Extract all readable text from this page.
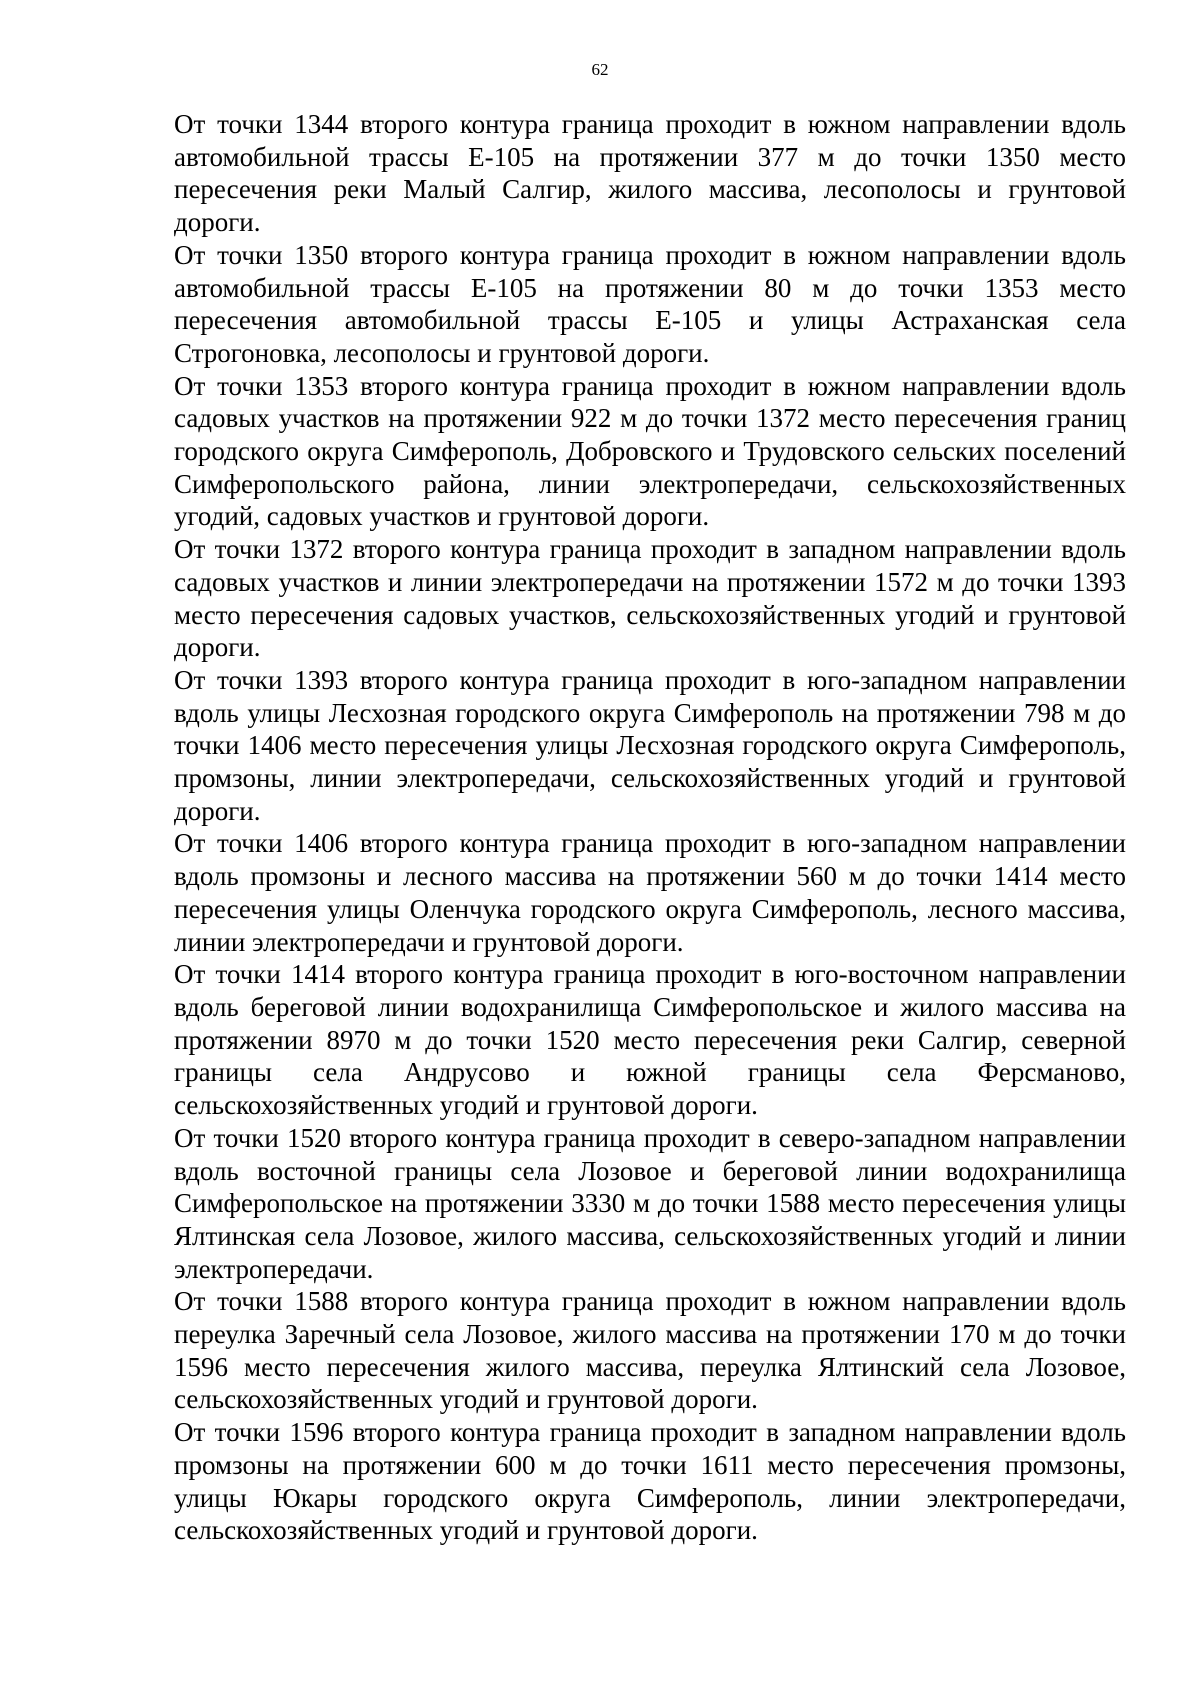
62

От точки 1344 второго контура граница проходит в южном направлении вдоль автомобильной трассы Е-105 на протяжении 377 м до точки 1350 место пересечения реки Малый Салгир, жилого массива, лесополосы и грунтовой дороги.

От точки 1350 второго контура граница проходит в южном направлении вдоль автомобильной трассы Е-105 на протяжении 80 м до точки 1353 место пересечения автомобильной трассы Е-105 и улицы Астраханская села Строгоновка, лесополосы и грунтовой дороги.

От точки 1353 второго контура граница проходит в южном направлении вдоль садовых участков на протяжении 922 м до точки 1372 место пересечения границ городского округа Симферополь, Добровского и Трудовского сельских поселений Симферопольского района, линии электропередачи, сельскохозяйственных угодий, садовых участков и грунтовой дороги.

От точки 1372 второго контура граница проходит в западном направлении вдоль садовых участков и линии электропередачи на протяжении 1572 м до точки 1393 место пересечения садовых участков, сельскохозяйственных угодий и грунтовой дороги.

От точки 1393 второго контура граница проходит в юго-западном направлении вдоль улицы Лесхозная городского округа Симферополь на протяжении 798 м до точки 1406 место пересечения улицы Лесхозная городского округа Симферополь, промзоны, линии электропередачи, сельскохозяйственных угодий и грунтовой дороги.

От точки 1406 второго контура граница проходит в юго-западном направлении вдоль промзоны и лесного массива на протяжении 560 м до точки 1414 место пересечения улицы Оленчука городского округа Симферополь, лесного массива, линии электропередачи и грунтовой дороги.

От точки 1414 второго контура граница проходит в юго-восточном направлении вдоль береговой линии водохранилища Симферопольское и жилого массива на протяжении 8970 м до точки 1520 место пересечения реки Салгир, северной границы села Андрусово и южной границы села Ферсманово, сельскохозяйственных угодий и грунтовой дороги.

От точки 1520 второго контура граница проходит в северо-западном направлении вдоль восточной границы села Лозовое и береговой линии водохранилища Симферопольское на протяжении 3330 м до точки 1588 место пересечения улицы Ялтинская села Лозовое, жилого массива, сельскохозяйственных угодий и линии электропередачи.

От точки 1588 второго контура граница проходит в южном направлении вдоль переулка Заречный села Лозовое, жилого массива на протяжении 170 м до точки 1596 место пересечения жилого массива, переулка Ялтинский села Лозовое, сельскохозяйственных угодий и грунтовой дороги.

От точки 1596 второго контура граница проходит в западном направлении вдоль промзоны на протяжении 600 м до точки 1611 место пересечения промзоны, улицы Юкары городского округа Симферополь, линии электропередачи, сельскохозяйственных угодий и грунтовой дороги.
